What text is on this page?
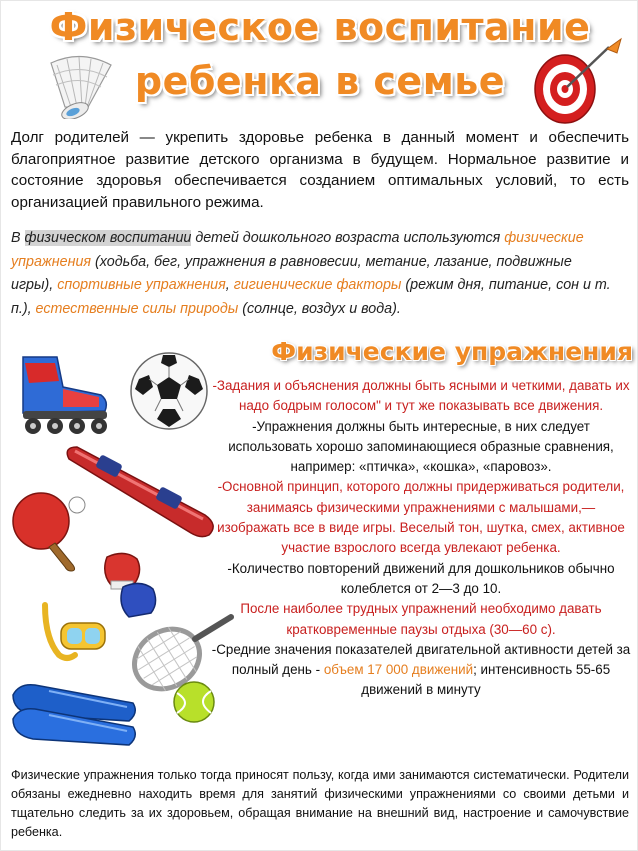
Физическое воспитание
ребенка в семье
Долг родителей — укрепить здоровье ребенка в данный момент и обеспечить благоприятное развитие детского организма в будущем. Нормальное развитие и состояние здоровья обеспечивается созданием оптимальных условий, то есть организацией правильного режима.
В физическом воспитании детей дошкольного возраста используются физические упражнения (ходьба, бег, упражнения в равновесии, метание, лазание, подвижные игры), спортивные упражнения, гигиенические факторы (режим дня, питание, сон и т. п.), естественные силы природы (солнце, воздух и вода).
Физические упражнения

-Задания и объяснения должны быть ясными и четкими, давать их надо бодрым голосом" и тут же показывать все движения.

-Упражнения должны быть интересные, в них следует использовать хорошо запоминающиеся образные сравнения, например: «птичка», «кошка», «паровоз».

-Основной принцип, которого должны придерживаться родители, занимаясь физическими упражнениями с малышами,— изображать все в виде игры. Веселый тон, шутка, смех, активное участие взрослого всегда увлекают ребенка.

-Количество повторений движений для дошкольников обычно колеблется от 2—3 до 10.

После наиболее трудных упражнений необходимо давать кратковременные паузы отдыха (30—60 с).

-Средние значения показателей двигательной активности детей за полный день - объем 17 000 движений; интенсивность 55-65 движений в минуту

Физические упражнения только тогда приносят пользу, когда ими занимаются систематически. Родители обязаны ежедневно находить время для занятий физическими упражнениями со своими детьми и тщательно следить за их здоровьем, обращая внимание на внешний вид, настроение и самочувствие ребенка.
